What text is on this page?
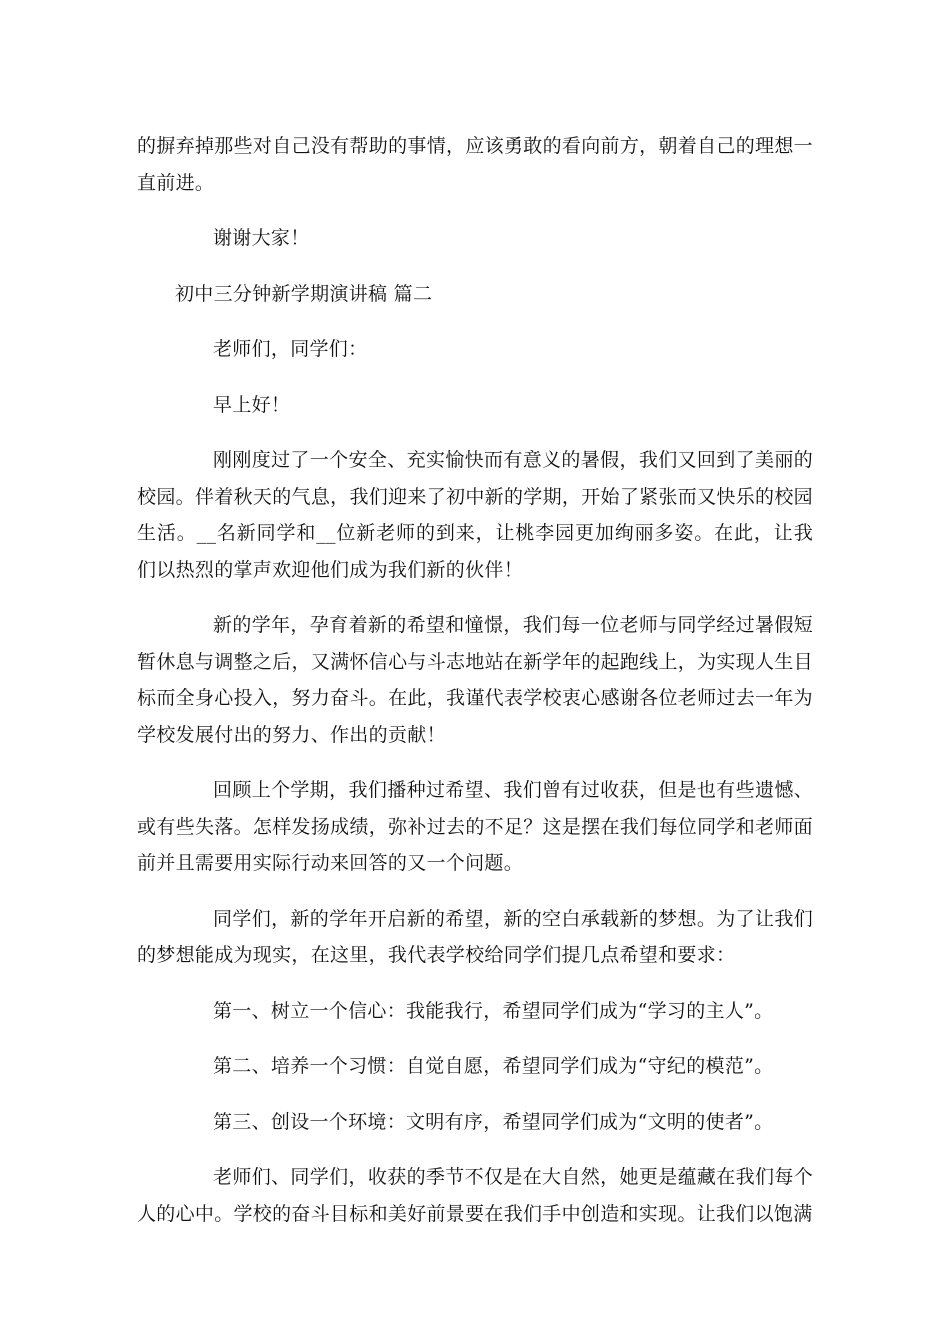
的摒弃掉那些对自己没有帮助的事情，应该勇敢的看向前方，朝着自己的理想一直前进。

谢谢大家！

初中三分钟新学期演讲稿 篇二

老师们，同学们：

早上好！

刚刚度过了一个安全、充实愉快而有意义的暑假，我们又回到了美丽的校园。伴着秋天的气息，我们迎来了初中新的学期，开始了紧张而又快乐的校园生活。__名新同学和__位新老师的到来，让桃李园更加绚丽多姿。在此，让我们以热烈的掌声欢迎他们成为我们新的伙伴！

新的学年，孕育着新的希望和憧憬，我们每一位老师与同学经过暑假短暂休息与调整之后，又满怀信心与斗志地站在新学年的起跑线上，为实现人生目标而全身心投入，努力奋斗。在此，我谨代表学校衷心感谢各位老师过去一年为学校发展付出的努力、作出的贡献！

回顾上个学期，我们播种过希望、我们曾有过收获，但是也有些遗憾、或有些失落。怎样发扬成绩，弥补过去的不足？这是摆在我们每位同学和老师面前并且需要用实际行动来回答的又一个问题。

同学们，新的学年开启新的希望，新的空白承载新的梦想。为了让我们的梦想能成为现实，在这里，我代表学校给同学们提几点希望和要求：

第一、树立一个信心：我能我行，希望同学们成为“学习的主人”。

第二、培养一个习惯：自觉自愿，希望同学们成为“守纪的模范”。

第三、创设一个环境：文明有序，希望同学们成为“文明的使者”。

老师们、同学们，收获的季节不仅是在大自然，她更是蕴藏在我们每个人的心中。学校的奋斗目标和美好前景要在我们手中创造和实现。让我们以饱满
